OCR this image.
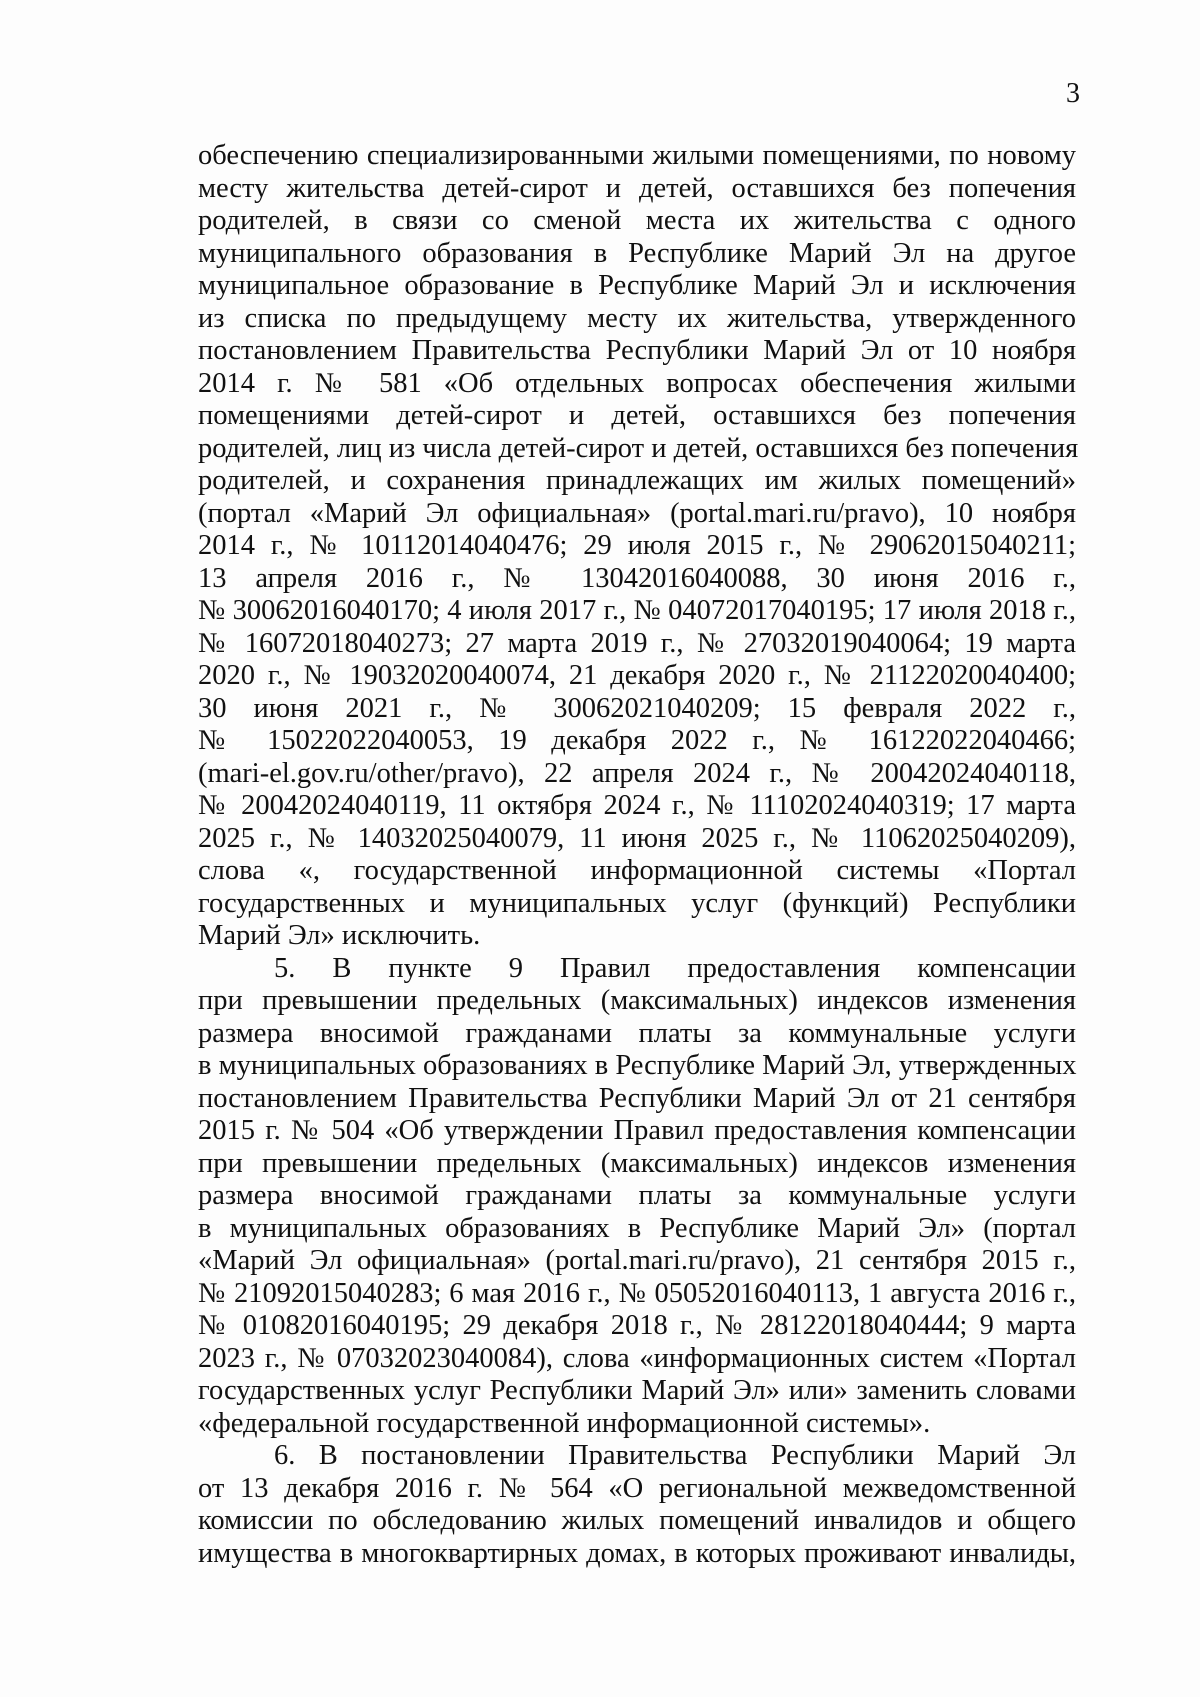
3
обеспечению специализированными жилыми помещениями, по новому
месту жительства детей-сирот и детей, оставшихся без попечения
родителей, в связи со сменой места их жительства с одного
муниципального образования в Республике Марий Эл на другое
муниципальное образование в Республике Марий Эл и исключения
из списка по предыдущему месту их жительства, утвержденного
постановлением Правительства Республики Марий Эл от 10 ноября
2014 г. № 581 «Об отдельных вопросах обеспечения жилыми
помещениями детей-сирот и детей, оставшихся без попечения
родителей, лиц из числа детей-сирот и детей, оставшихся без попечения
родителей, и сохранения принадлежащих им жилых помещений»
(портал «Марий Эл официальная» (portal.mari.ru/pravo), 10 ноября
2014 г., № 10112014040476; 29 июля 2015 г., № 29062015040211;
13 апреля 2016 г., № 13042016040088, 30 июня 2016 г.,
№ 30062016040170; 4 июля 2017 г., № 04072017040195; 17 июля 2018 г.,
№ 16072018040273; 27 марта 2019 г., № 27032019040064; 19 марта
2020 г., № 19032020040074, 21 декабря 2020 г., № 21122020040400;
30 июня 2021 г., № 30062021040209; 15 февраля 2022 г.,
№ 15022022040053, 19 декабря 2022 г., № 16122022040466;
(mari-el.gov.ru/other/pravo), 22 апреля 2024 г., № 20042024040118,
№ 20042024040119, 11 октября 2024 г., № 11102024040319; 17 марта
2025 г., № 14032025040079, 11 июня 2025 г., № 11062025040209),
слова «, государственной информационной системы «Портал
государственных и муниципальных услуг (функций) Республики
Марий Эл» исключить.
5. В пункте 9 Правил предоставления компенсации
при превышении предельных (максимальных) индексов изменения
размера вносимой гражданами платы за коммунальные услуги
в муниципальных образованиях в Республике Марий Эл, утвержденных
постановлением Правительства Республики Марий Эл от 21 сентября
2015 г. № 504 «Об утверждении Правил предоставления компенсации
при превышении предельных (максимальных) индексов изменения
размера вносимой гражданами платы за коммунальные услуги
в муниципальных образованиях в Республике Марий Эл» (портал
«Марий Эл официальная» (portal.mari.ru/pravo), 21 сентября 2015 г.,
№ 21092015040283; 6 мая 2016 г., № 05052016040113, 1 августа 2016 г.,
№ 01082016040195; 29 декабря 2018 г., № 28122018040444; 9 марта
2023 г., № 07032023040084), слова «информационных систем «Портал
государственных услуг Республики Марий Эл» или» заменить словами
«федеральной государственной информационной системы».
6. В постановлении Правительства Республики Марий Эл
от 13 декабря 2016 г. № 564 «О региональной межведомственной
комиссии по обследованию жилых помещений инвалидов и общего
имущества в многоквартирных домах, в которых проживают инвалиды,
